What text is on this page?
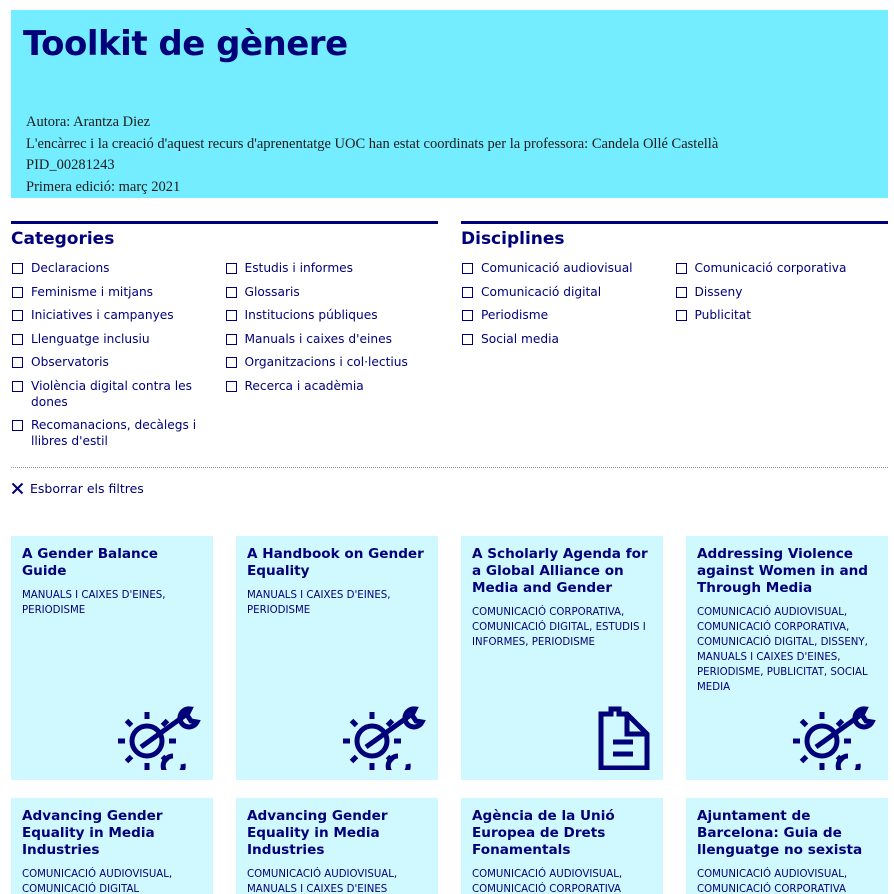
Toolkit de gènere
Autora: Arantza Diez
L'encàrrec i la creació d'aquest recurs d'aprenentatge UOC han estat coordinats per la professora: Candela Ollé Castellà
PID_00281243
Primera edició: març 2021
Categories
Declaracions
Feminisme i mitjans
Iniciatives i campanyes
Llenguatge inclusiu
Observatoris
Violència digital contra les dones
Recomanacions, decàlegs i llibres d'estil
Estudis i informes
Glossaris
Institucions públiques
Manuals i caixes d'eines
Organitzacions i col·lectius
Recerca i acadèmia
Disciplines
Comunicació audiovisual
Comunicació digital
Periodisme
Social media
Comunicació corporativa
Disseny
Publicitat
Esborrar els filtres
A Gender Balance Guide
MANUALS I CAIXES D'EINES, PERIODISME
A Handbook on Gender Equality
MANUALS I CAIXES D'EINES, PERIODISME
A Scholarly Agenda for a Global Alliance on Media and Gender
COMUNICACIÓ CORPORATIVA, COMUNICACIÓ DIGITAL, ESTUDIS I INFORMES, PERIODISME
Addressing Violence against Women in and Through Media
COMUNICACIÓ AUDIOVISUAL, COMUNICACIÓ CORPORATIVA, COMUNICACIÓ DIGITAL, DISSENY, MANUALS I CAIXES D'EINES, PERIODISME, PUBLICITAT, SOCIAL MEDIA
Advancing Gender Equality in Media Industries
COMUNICACIÓ AUDIOVISUAL, COMUNICACIÓ DIGITAL
Advancing Gender Equality in Media Industries
COMUNICACIÓ AUDIOVISUAL, MANUALS I CAIXES D'EINES
Agència de la Unió Europea de Drets Fonamentals
COMUNICACIÓ AUDIOVISUAL, COMUNICACIÓ CORPORATIVA
Ajuntament de Barcelona: Guia de llenguatge no sexista
COMUNICACIÓ AUDIOVISUAL, COMUNICACIÓ CORPORATIVA
